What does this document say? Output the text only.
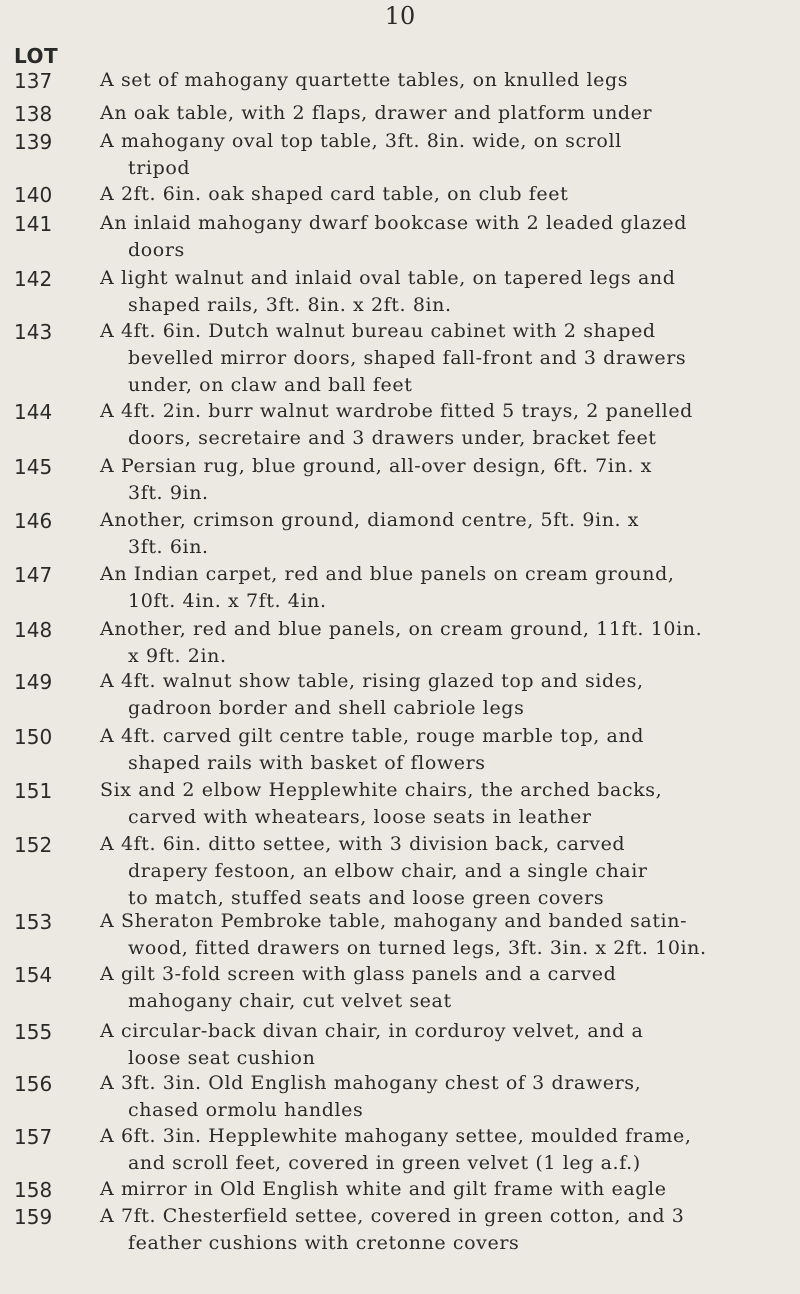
10
LOT
137	A set of mahogany quartette tables, on knulled legs
138	An oak table, with 2 flaps, drawer and platform under
139	A mahogany oval top table, 3ft. 8in. wide, on scroll
tripod
140	A 2ft. 6in. oak shaped card table, on club feet
141	An inlaid mahogany dwarf bookcase with 2 leaded glazed
doors
142	A light walnut and inlaid oval table, on tapered legs and
shaped rails, 3ft. 8in. x 2ft. 8in.
143	A 4ft. 6in. Dutch walnut bureau cabinet with 2 shaped
bevelled mirror doors, shaped fall-front and 3 drawers
under, on claw and ball feet
144	A 4ft. 2in. burr walnut wardrobe fitted 5 trays, 2 panelled
doors, secretaire and 3 drawers under, bracket feet
145	A Persian rug, blue ground, all-over design, 6ft. 7in. x
3ft. 9in.
146	Another, crimson ground, diamond centre, 5ft. 9in. x
3ft. 6in.
147	An Indian carpet, red and blue panels on cream ground,
10ft. 4in. x 7ft. 4in.
148	Another, red and blue panels, on cream ground, 11ft. 10in.
x 9ft. 2in.
149	A 4ft. walnut show table, rising glazed top and sides,
gadroon border and shell cabriole legs
150	A 4ft. carved gilt centre table, rouge marble top, and
shaped rails with basket of flowers
151	Six and 2 elbow Hepplewhite chairs, the arched backs,
carved with wheatears, loose seats in leather
152	A 4ft. 6in. ditto settee, with 3 division back, carved
drapery festoon, an elbow chair, and a single chair
to match, stuffed seats and loose green covers
153	A Sheraton Pembroke table, mahogany and banded satin-
wood, fitted drawers on turned legs, 3ft. 3in. x 2ft. 10in.
154	A gilt 3-fold screen with glass panels and a carved
mahogany chair, cut velvet seat
155	A circular-back divan chair, in corduroy velvet, and a
loose seat cushion
156	A 3ft. 3in. Old English mahogany chest of 3 drawers,
chased ormolu handles
157	A 6ft. 3in. Hepplewhite mahogany settee, moulded frame,
and scroll feet, covered in green velvet (1 leg a.f.)
158	A mirror in Old English white and gilt frame with eagle
159	A 7ft. Chesterfield settee, covered in green cotton, and 3
feather cushions with cretonne covers
